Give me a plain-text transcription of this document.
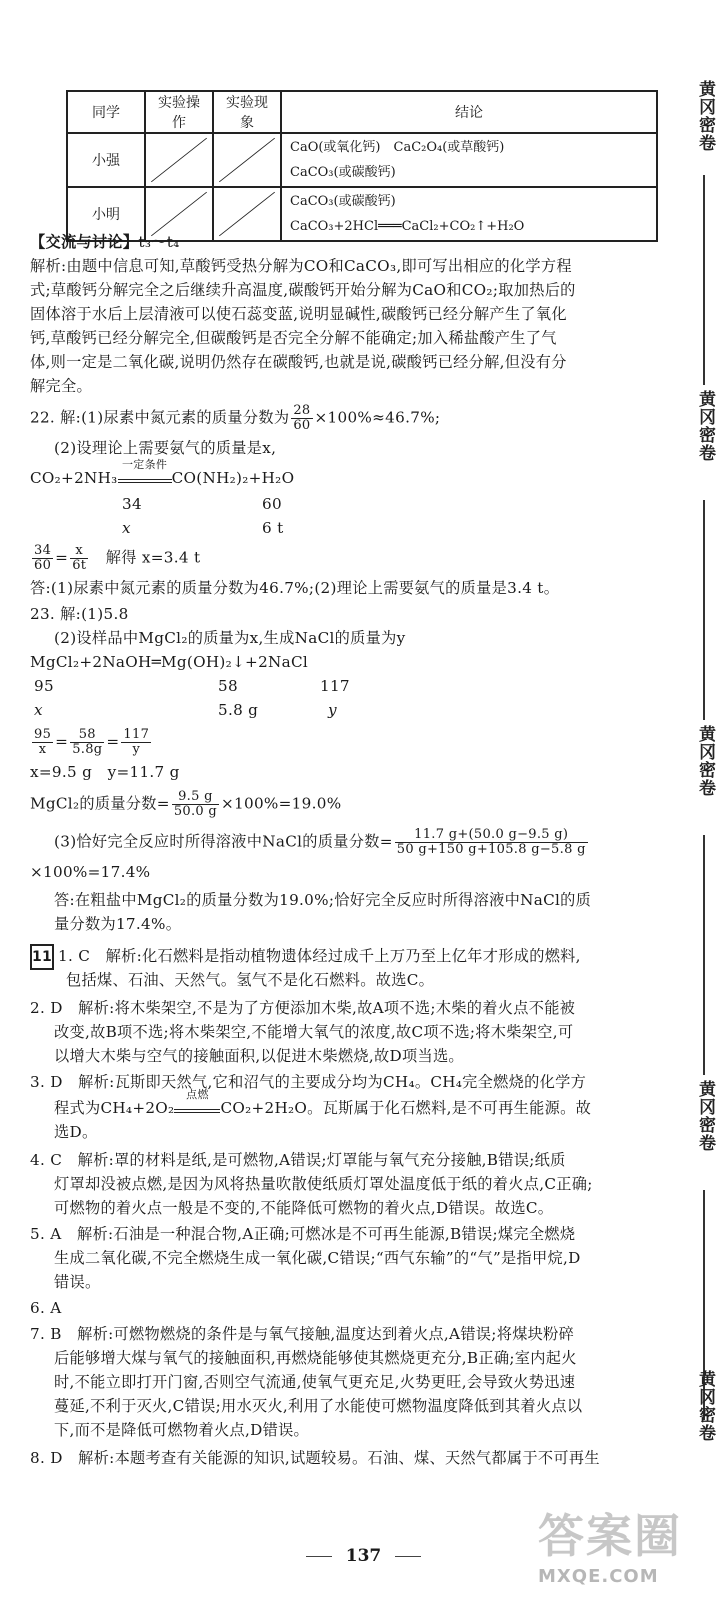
黄冈密卷
黄冈密卷
黄冈密卷
黄冈密卷
黄冈密卷
同学	实验操作	实验现象	结论
小强			CaO(或氧化钙)　CaC₂O₄(或草酸钙)
CaCO₃(或碳酸钙)

小明			CaCO₃(或碳酸钙)
CaCO₃+2HCl═══CaCl₂+CO₂↑+H₂O
【交流与讨论】t₃～t₄
解析:由题中信息可知,草酸钙受热分解为CO和CaCO₃,即可写出相应的化学方程
式;草酸钙分解完全之后继续升高温度,碳酸钙开始分解为CaO和CO₂;取加热后的
固体溶于水后上层清液可以使石蕊变蓝,说明显碱性,碳酸钙已经分解产生了氧化
钙,草酸钙已经分解完全,但碳酸钙是否完全分解不能确定;加入稀盐酸产生了气
体,则一定是二氧化碳,说明仍然存在碳酸钙,也就是说,碳酸钙已经分解,但没有分
解完全。
22. 解:(1)尿素中氮元素的质量分数为 $\frac{28}{60} \times 100\%\approx 46.7\%$;
(2)设理论上需要氨气的质量是x,
CO₂+2NH₃
一定条件
CO(NH₂)₂+H₂O
34	60
x	6 t
$\frac{34}{60} = \frac{x}{6t}$
　 解得 x=3.4 t
答:(1)尿素中氮元素的质量分数为46.7%;(2)理论上需要氨气的质量是3.4 t。
23. 解:(1)5.8
(2)设样品中MgCl₂的质量为x,生成NaCl的质量为y
MgCl₂+2NaOH═Mg(OH)₂↓+2NaCl
95	58	117
x	5.8 g	y
$\frac{95}{x} = \frac{58}{5.8g} = \frac{117}{y}$
x=9.5 g　y=11.7 g
MgCl₂的质量分数= $\frac{9.5 g}{50.0 g} \times 100\%=19.0\%$
(3)恰好完全反应时所得溶液中NaCl的质量分数= $\frac{11.7 g+(50.0 g-9.5 g)}{50 g+150 g+105.8 g-5.8 g}$
×100%=17.4%
答:在粗盐中MgCl₂的质量分数为19.0%;恰好完全反应时所得溶液中NaCl的质
量分数为17.4%。
11 1. C　解析:化石燃料是指动植物遗体经过成千上万乃至上亿年才形成的燃料,
包括煤、石油、天然气。氢气不是化石燃料。故选C。
2. D　解析:将木柴架空,不是为了方便添加木柴,故A项不选;木柴的着火点不能被
改变,故B项不选;将木柴架空,不能增大氧气的浓度,故C项不选;将木柴架空,可
以增大木柴与空气的接触面积,以促进木柴燃烧,故D项当选。
3. D　解析:瓦斯即天然气,它和沼气的主要成分均为CH₄。CH₄完全燃烧的化学方
程式为CH₄+2O₂
点燃
CO₂+2H₂O。瓦斯属于化石燃料,是不可再生能源。故
选D。
4. C　解析:罩的材料是纸,是可燃物,A错误;灯罩能与氧气充分接触,B错误;纸质
灯罩却没被点燃,是因为风将热量吹散使纸质灯罩处温度低于纸的着火点,C正确;
可燃物的着火点一般是不变的,不能降低可燃物的着火点,D错误。故选C。
5. A　解析:石油是一种混合物,A正确;可燃冰是不可再生能源,B错误;煤完全燃烧
生成二氧化碳,不完全燃烧生成一氧化碳,C错误;“西气东输”的“气”是指甲烷,D
错误。
6. A
7. B　解析:可燃物燃烧的条件是与氧气接触,温度达到着火点,A错误;将煤块粉碎
后能够增大煤与氧气的接触面积,再燃烧能够使其燃烧更充分,B正确;室内起火
时,不能立即打开门窗,否则空气流通,使氧气更充足,火势更旺,会导致火势迅速
蔓延,不利于灭火,C错误;用水灭火,利用了水能使可燃物温度降低到其着火点以
下,而不是降低可燃物着火点,D错误。
8. D　解析:本题考查有关能源的知识,试题较易。石油、煤、天然气都属于不可再生
137	答案圈
MXQE.COM
